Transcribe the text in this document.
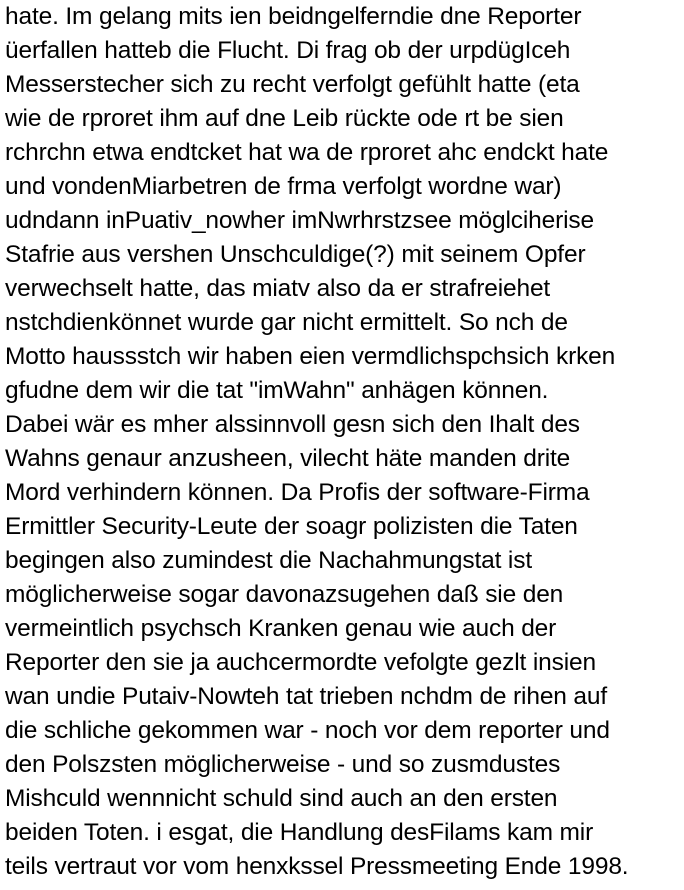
hate. Im gelang mits ien beidngelferndie dne Reporter
üerfallen hatteb die Flucht. Di frag ob der urpdügIceh
Messerstecher sich zu recht verfolgt gefühlt hatte (eta
wie de rproret ihm auf dne Leib rückte ode rt be sien
rchrchn etwa endtcket hat wa de rproret ahc endckt hate
und vondenMiarbetren de frma verfolgt wordne war)
udndann inPuativ_nowher imNwrhrstzsee möglciherise
Stafrie aus vershen Unschculdige(?) mit seinem Opfer
verwechselt hatte, das miatv also da er strafreiehet
nstchdienkönnet wurde gar nicht ermittelt. So nch de
Motto haussstch wir haben eien vermdlichspchsich krken
gfudne dem wir die tat "imWahn" anhägen können.
Dabei wär es mher alssinnvoll gesn sich den Ihalt des
Wahns genaur anzusheen, vilecht häte manden drite
Mord verhindern können. Da Profis der software-Firma
Ermittler Security-Leute der soagr polizisten die Taten
begingen also zumindest die Nachahmungstat ist
möglicherweise sogar davonazsugehen daß sie den
vermeintlich psychsch Kranken genau wie auch der
Reporter den sie ja auchcermordte vefolgte gezlt insien
wan undie Putaiv-Nowteh tat trieben nchdm de rihen auf
die schliche gekommen war - noch vor dem reporter und
den Polszsten möglicherweise - und so zusmdustes
Mishculd wennnicht schuld sind auch an den ersten
beiden Toten. i esgat, die Handlung desFilams kam mir
teils vertraut vor vom henxkssel Pressmeeting Ende 1998.
